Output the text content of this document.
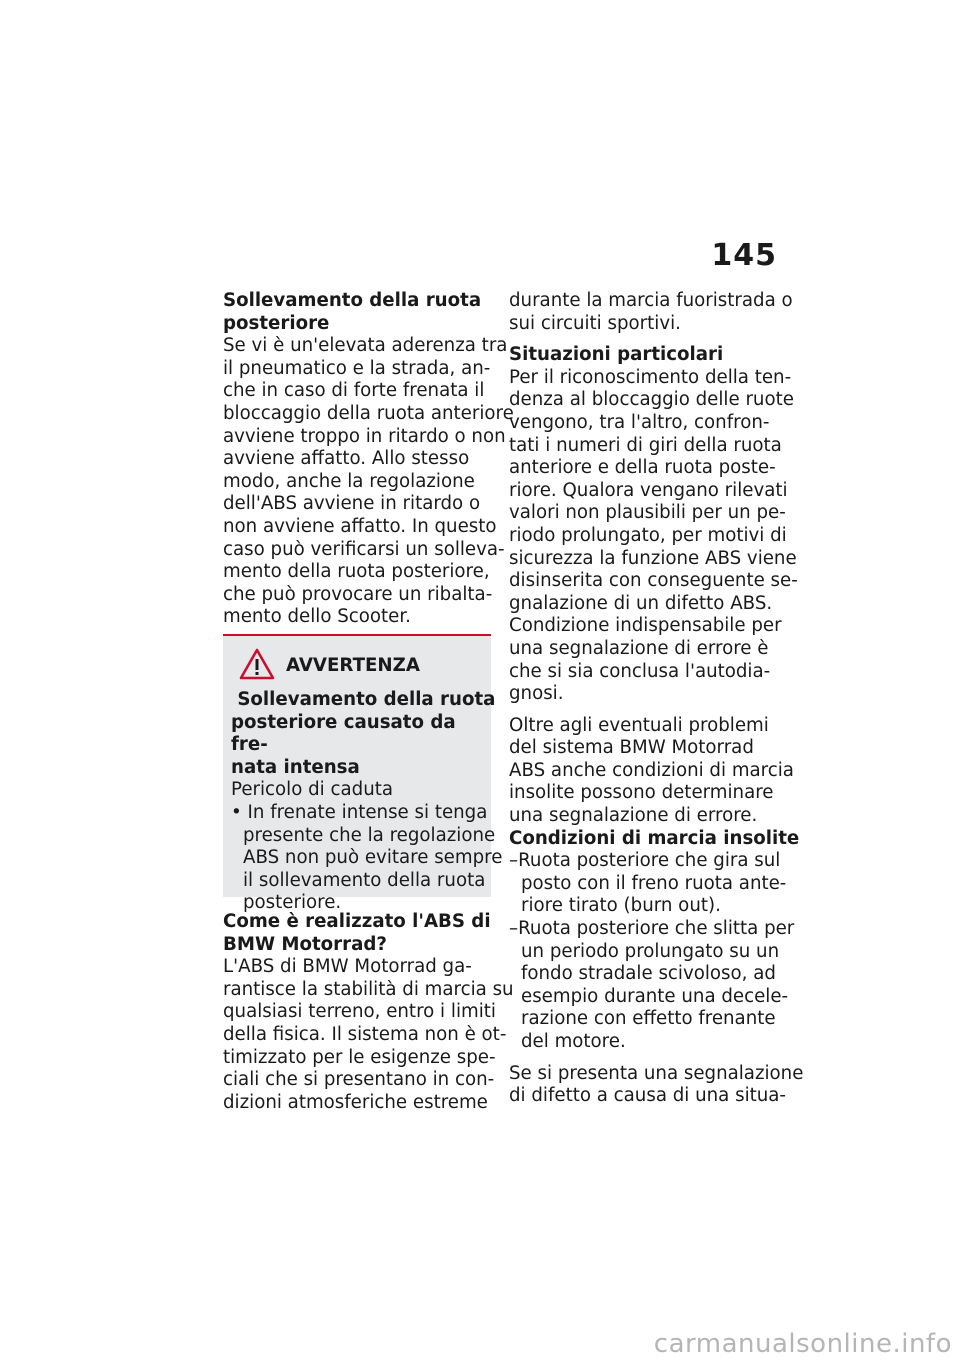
145
Sollevamento della ruota
posteriore
Se vi è un'elevata aderenza tra
il pneumatico e la strada, an-
che in caso di forte frenata il
bloccaggio della ruota anteriore
avviene troppo in ritardo o non
avviene affatto. Allo stesso
modo, anche la regolazione
dell'ABS avviene in ritardo o
non avviene affatto. In questo
caso può verificarsi un solleva-
mento della ruota posteriore,
che può provocare un ribalta-
mento dello Scooter.
AVVERTENZA
Sollevamento della ruota
posteriore causato da fre-
nata intensa
Pericolo di caduta
• In frenate intense si tenga
presente che la regolazione
ABS non può evitare sempre
il sollevamento della ruota
posteriore.
Come è realizzato l'ABS di
BMW Motorrad?
L'ABS di BMW Motorrad ga-
rantisce la stabilità di marcia su
qualsiasi terreno, entro i limiti
della fisica. Il sistema non è ot-
timizzato per le esigenze spe-
ciali che si presentano in con-
dizioni atmosferiche estreme
durante la marcia fuoristrada o
sui circuiti sportivi.
Situazioni particolari
Per il riconoscimento della ten-
denza al bloccaggio delle ruote
vengono, tra l'altro, confron-
tati i numeri di giri della ruota
anteriore e della ruota poste-
riore. Qualora vengano rilevati
valori non plausibili per un pe-
riodo prolungato, per motivi di
sicurezza la funzione ABS viene
disinserita con conseguente se-
gnalazione di un difetto ABS.
Condizione indispensabile per
una segnalazione di errore è
che si sia conclusa l'autodia-
gnosi.
Oltre agli eventuali problemi
del sistema BMW Motorrad
ABS anche condizioni di marcia
insolite possono determinare
una segnalazione di errore.
Condizioni di marcia insolite
–Ruota posteriore che gira sul
posto con il freno ruota ante-
riore tirato (burn out).
–Ruota posteriore che slitta per
un periodo prolungato su un
fondo stradale scivoloso, ad
esempio durante una decele-
razione con effetto frenante
del motore.
Se si presenta una segnalazione
di difetto a causa di una situa-
carmanualsonline.info
